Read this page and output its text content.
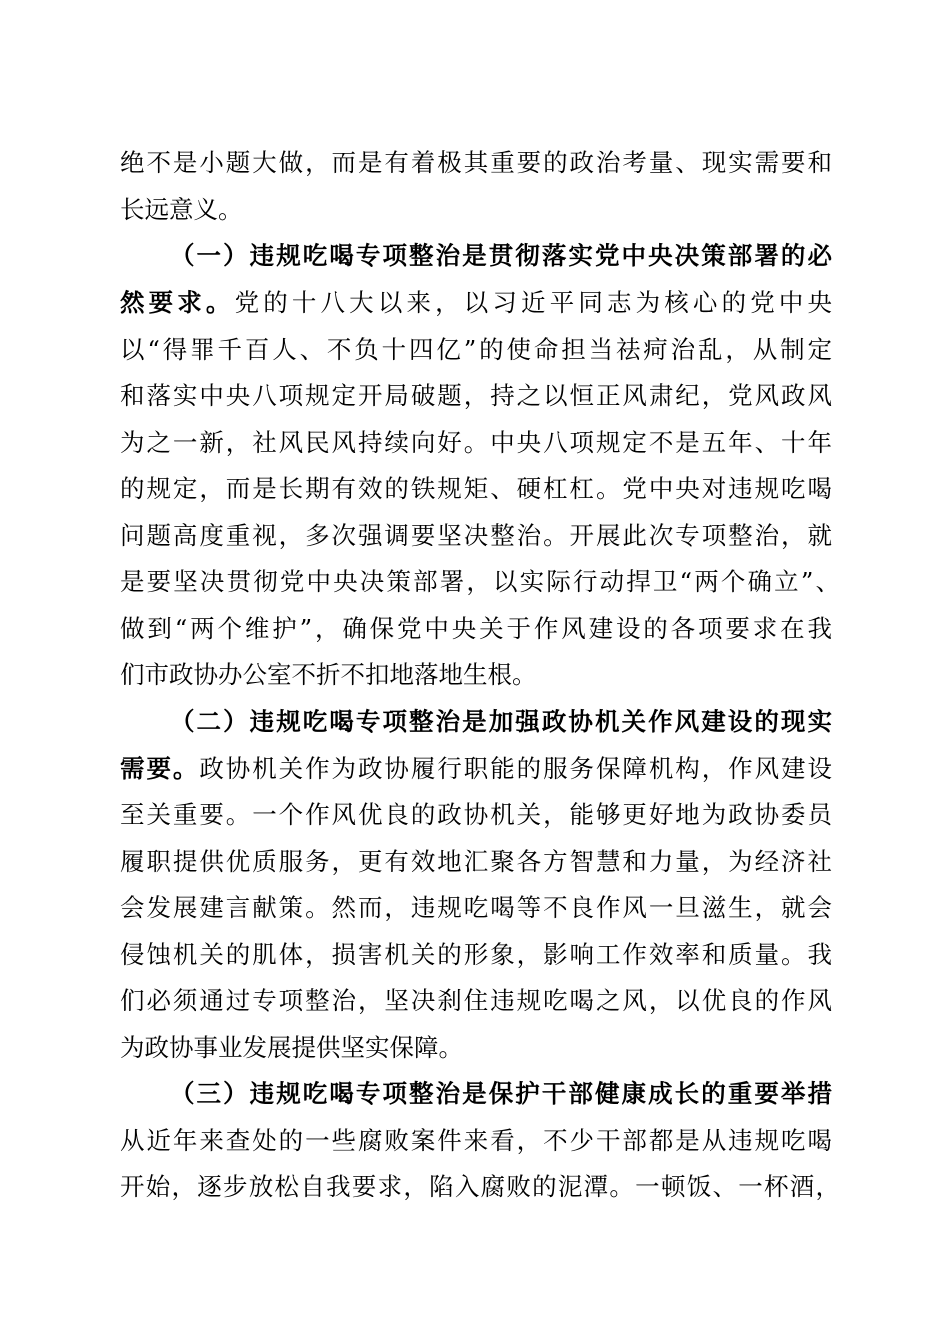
绝不是小题大做，而是有着极其重要的政治考量、现实需要和
长远意义。
（一）违规吃喝专项整治是贯彻落实党中央决策部署的必
然要求。党的十八大以来，以习近平同志为核心的党中央
以“得罪千百人、不负十四亿”的使命担当祛疴治乱，从制定
和落实中央八项规定开局破题，持之以恒正风肃纪，党风政风
为之一新，社风民风持续向好。中央八项规定不是五年、十年
的规定，而是长期有效的铁规矩、硬杠杠。党中央对违规吃喝
问题高度重视，多次强调要坚决整治。开展此次专项整治，就
是要坚决贯彻党中央决策部署，以实际行动捍卫“两个确立”、
做到“两个维护”，确保党中央关于作风建设的各项要求在我
们市政协办公室不折不扣地落地生根。
（二）违规吃喝专项整治是加强政协机关作风建设的现实
需要。政协机关作为政协履行职能的服务保障机构，作风建设
至关重要。一个作风优良的政协机关，能够更好地为政协委员
履职提供优质服务，更有效地汇聚各方智慧和力量，为经济社
会发展建言献策。然而，违规吃喝等不良作风一旦滋生，就会
侵蚀机关的肌体，损害机关的形象，影响工作效率和质量。我
们必须通过专项整治，坚决刹住违规吃喝之风，以优良的作风
为政协事业发展提供坚实保障。
（三）违规吃喝专项整治是保护干部健康成长的重要举措
从近年来查处的一些腐败案件来看，不少干部都是从违规吃喝
开始，逐步放松自我要求，陷入腐败的泥潭。一顿饭、一杯酒，
